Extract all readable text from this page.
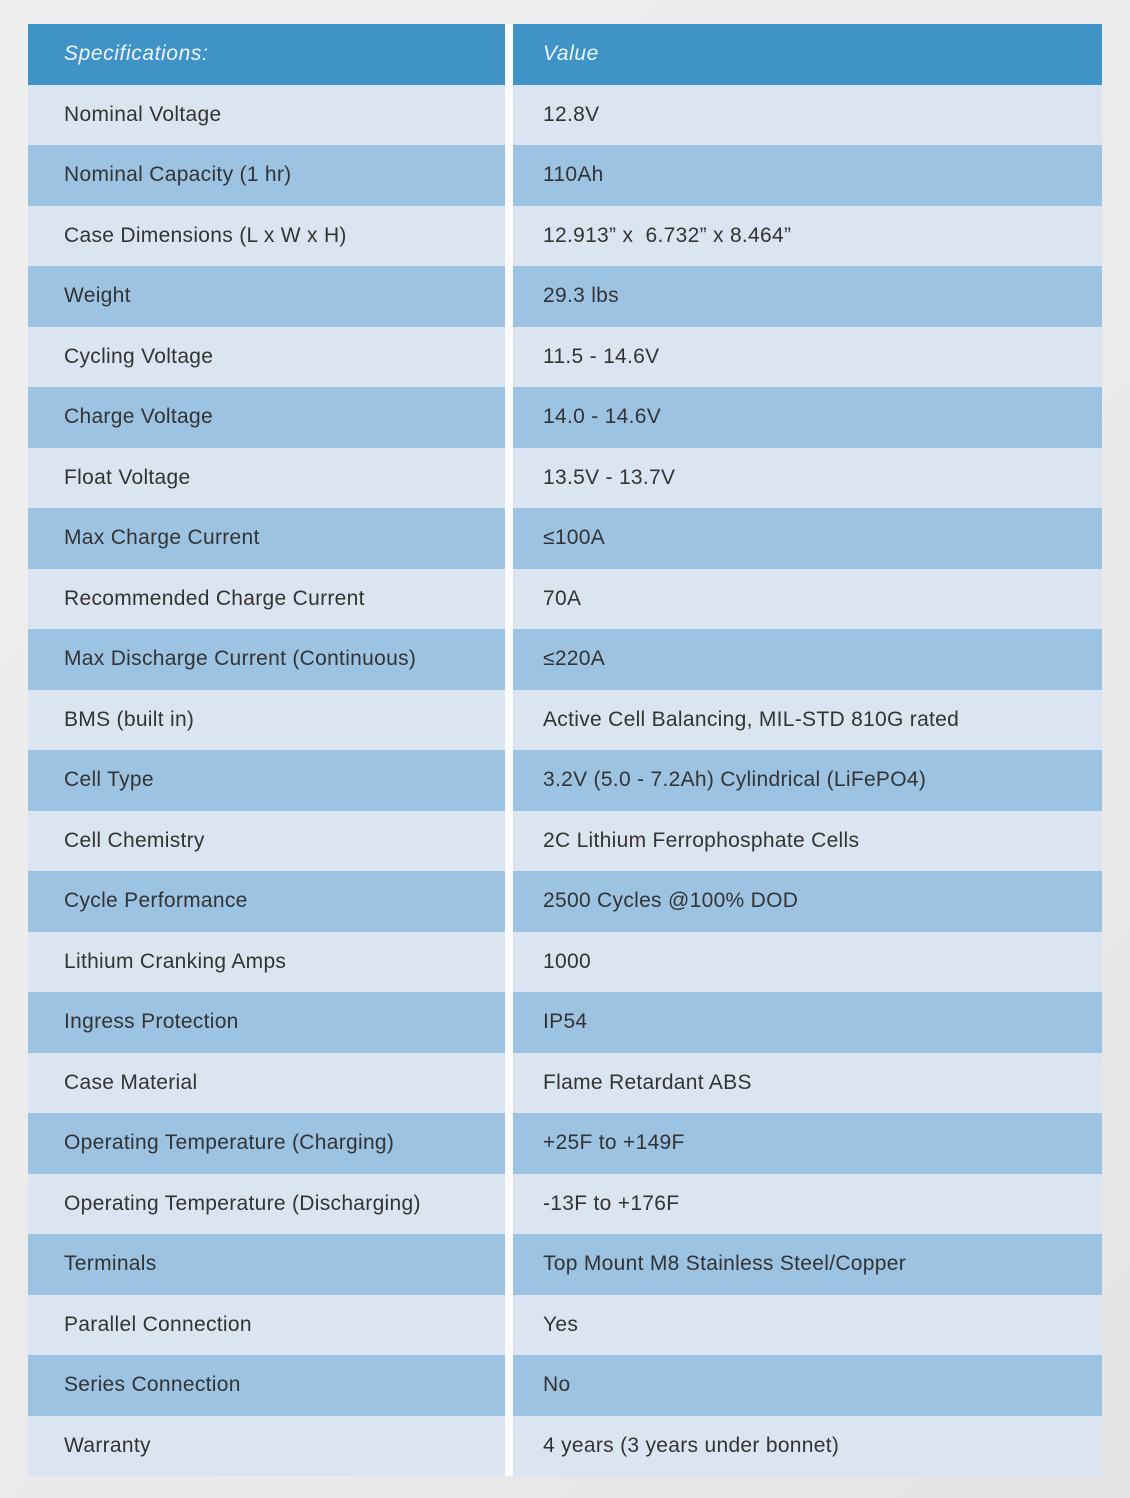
Specifications:	Value
Nominal Voltage	12.8V
Nominal Capacity (1 hr)	110Ah
Case Dimensions (L x W x H)	12.913” x  6.732” x 8.464”
Weight	29.3 lbs
Cycling Voltage	11.5 - 14.6V
Charge Voltage	14.0 - 14.6V
Float Voltage	13.5V - 13.7V
Max Charge Current	≤100A
Recommended Charge Current	70A
Max Discharge Current (Continuous)	≤220A
BMS (built in)	Active Cell Balancing, MIL-STD 810G rated
Cell Type	3.2V (5.0 - 7.2Ah) Cylindrical (LiFePO4)
Cell Chemistry	2C Lithium Ferrophosphate Cells
Cycle Performance	2500 Cycles @100% DOD
Lithium Cranking Amps	1000
Ingress Protection	IP54
Case Material	Flame Retardant ABS
Operating Temperature (Charging)	+25F to +149F
Operating Temperature (Discharging)	-13F to +176F
Terminals	Top Mount M8 Stainless Steel/Copper
Parallel Connection	Yes
Series Connection	No
Warranty	4 years (3 years under bonnet)
